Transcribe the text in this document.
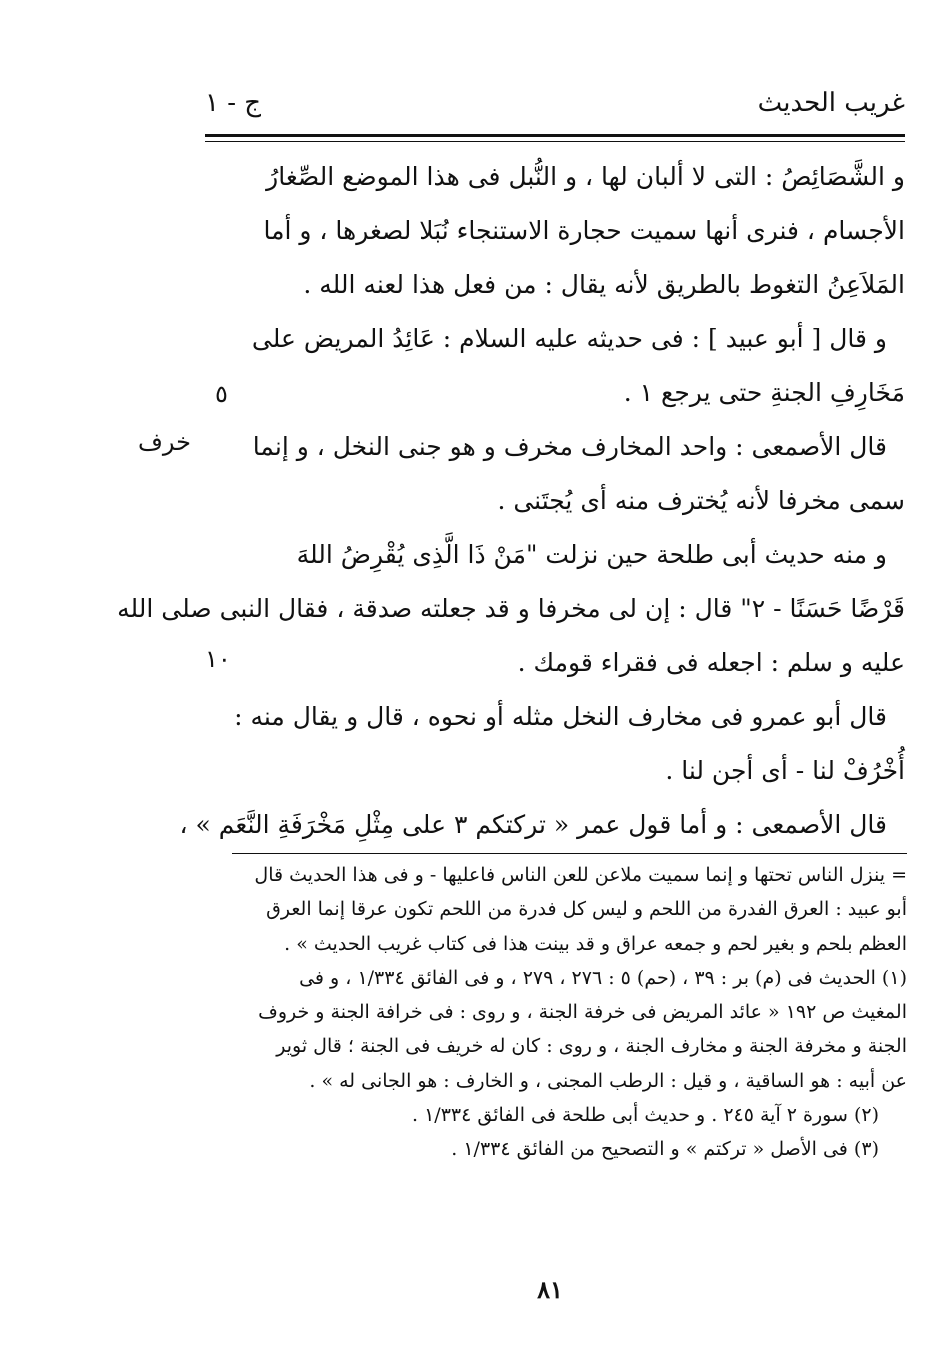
غريب الحديث
ج - ١
و الشَّصَائِصُ : التى لا ألبان لها ، و النُّبل فى هذا الموضع الصِّغارُ
الأجسام ، فنرى أنها سميت حجارة الاستنجاء نُبَلا لصغرها ، و أما
المَلاَعِنُ التغوط بالطريق لأنه يقال : من فعل هذا لعنه الله .
و قال [ أبو عبيد ] : فى حديثه عليه السلام : عَائِدُ المريض على
مَخَارِفِ الجنةِ حتى يرجع ١ .
قال الأصمعى : واحد المخارف مخرف و هو جنى النخل ، و إنما
سمى مخرفا لأنه يُخترف منه أى يُجتَنى .
و منه حديث أبى طلحة حين نزلت "مَنْ ذَا الَّذِى يُقْرِضُ اللهَ
قَرْضًا حَسَنًا - ٢" قال : إن لى مخرفا و قد جعلته صدقة ، فقال النبى صلى الله
عليه و سلم : اجعله فى فقراء قومك .
قال أبو عمرو فى مخارف النخل مثله أو نحوه ، قال و يقال منه :
أُخْرُفْ لنا - أى أجن لنا .
قال الأصمعى : و أما قول عمر « تركتكم ٣ على مِثْلِ مَخْرَفَةِ النَّعَم » ،
خرف
٥
١٠
= ينزل الناس تحتها و إنما سميت ملاعن للعن الناس فاعليها - و فى هذا الحديث قال
أبو عبيد : العرق الفدرة من اللحم و ليس كل فدرة من اللحم تكون عرقا إنما العرق
العظم بلحم و بغير لحم و جمعه عراق و قد بينت هذا فى كتاب غريب الحديث » .
(١) الحديث فى (م) بر : ٣٩ ، (حم) ٥ : ٢٧٦ ، ٢٧٩ ، و فى الفائق ١/٣٣٤ ، و فى
المغيث ص ١٩٢ « عائد المريض فى خرفة الجنة ، و روى : فى خرافة الجنة و خروف
الجنة و مخرفة الجنة و مخارف الجنة ، و روى : كان له خريف فى الجنة ؛ قال ثوير
عن أبيه : هو الساقية ، و قيل : الرطب المجنى ، و الخارف : هو الجانى له » .
(٢) سورة ٢ آية ٢٤٥ . و حديث أبى طلحة فى الفائق ١/٣٣٤ .
(٣) فى الأصل « تركتم » و التصحيح من الفائق ١/٣٣٤ .
٨١
